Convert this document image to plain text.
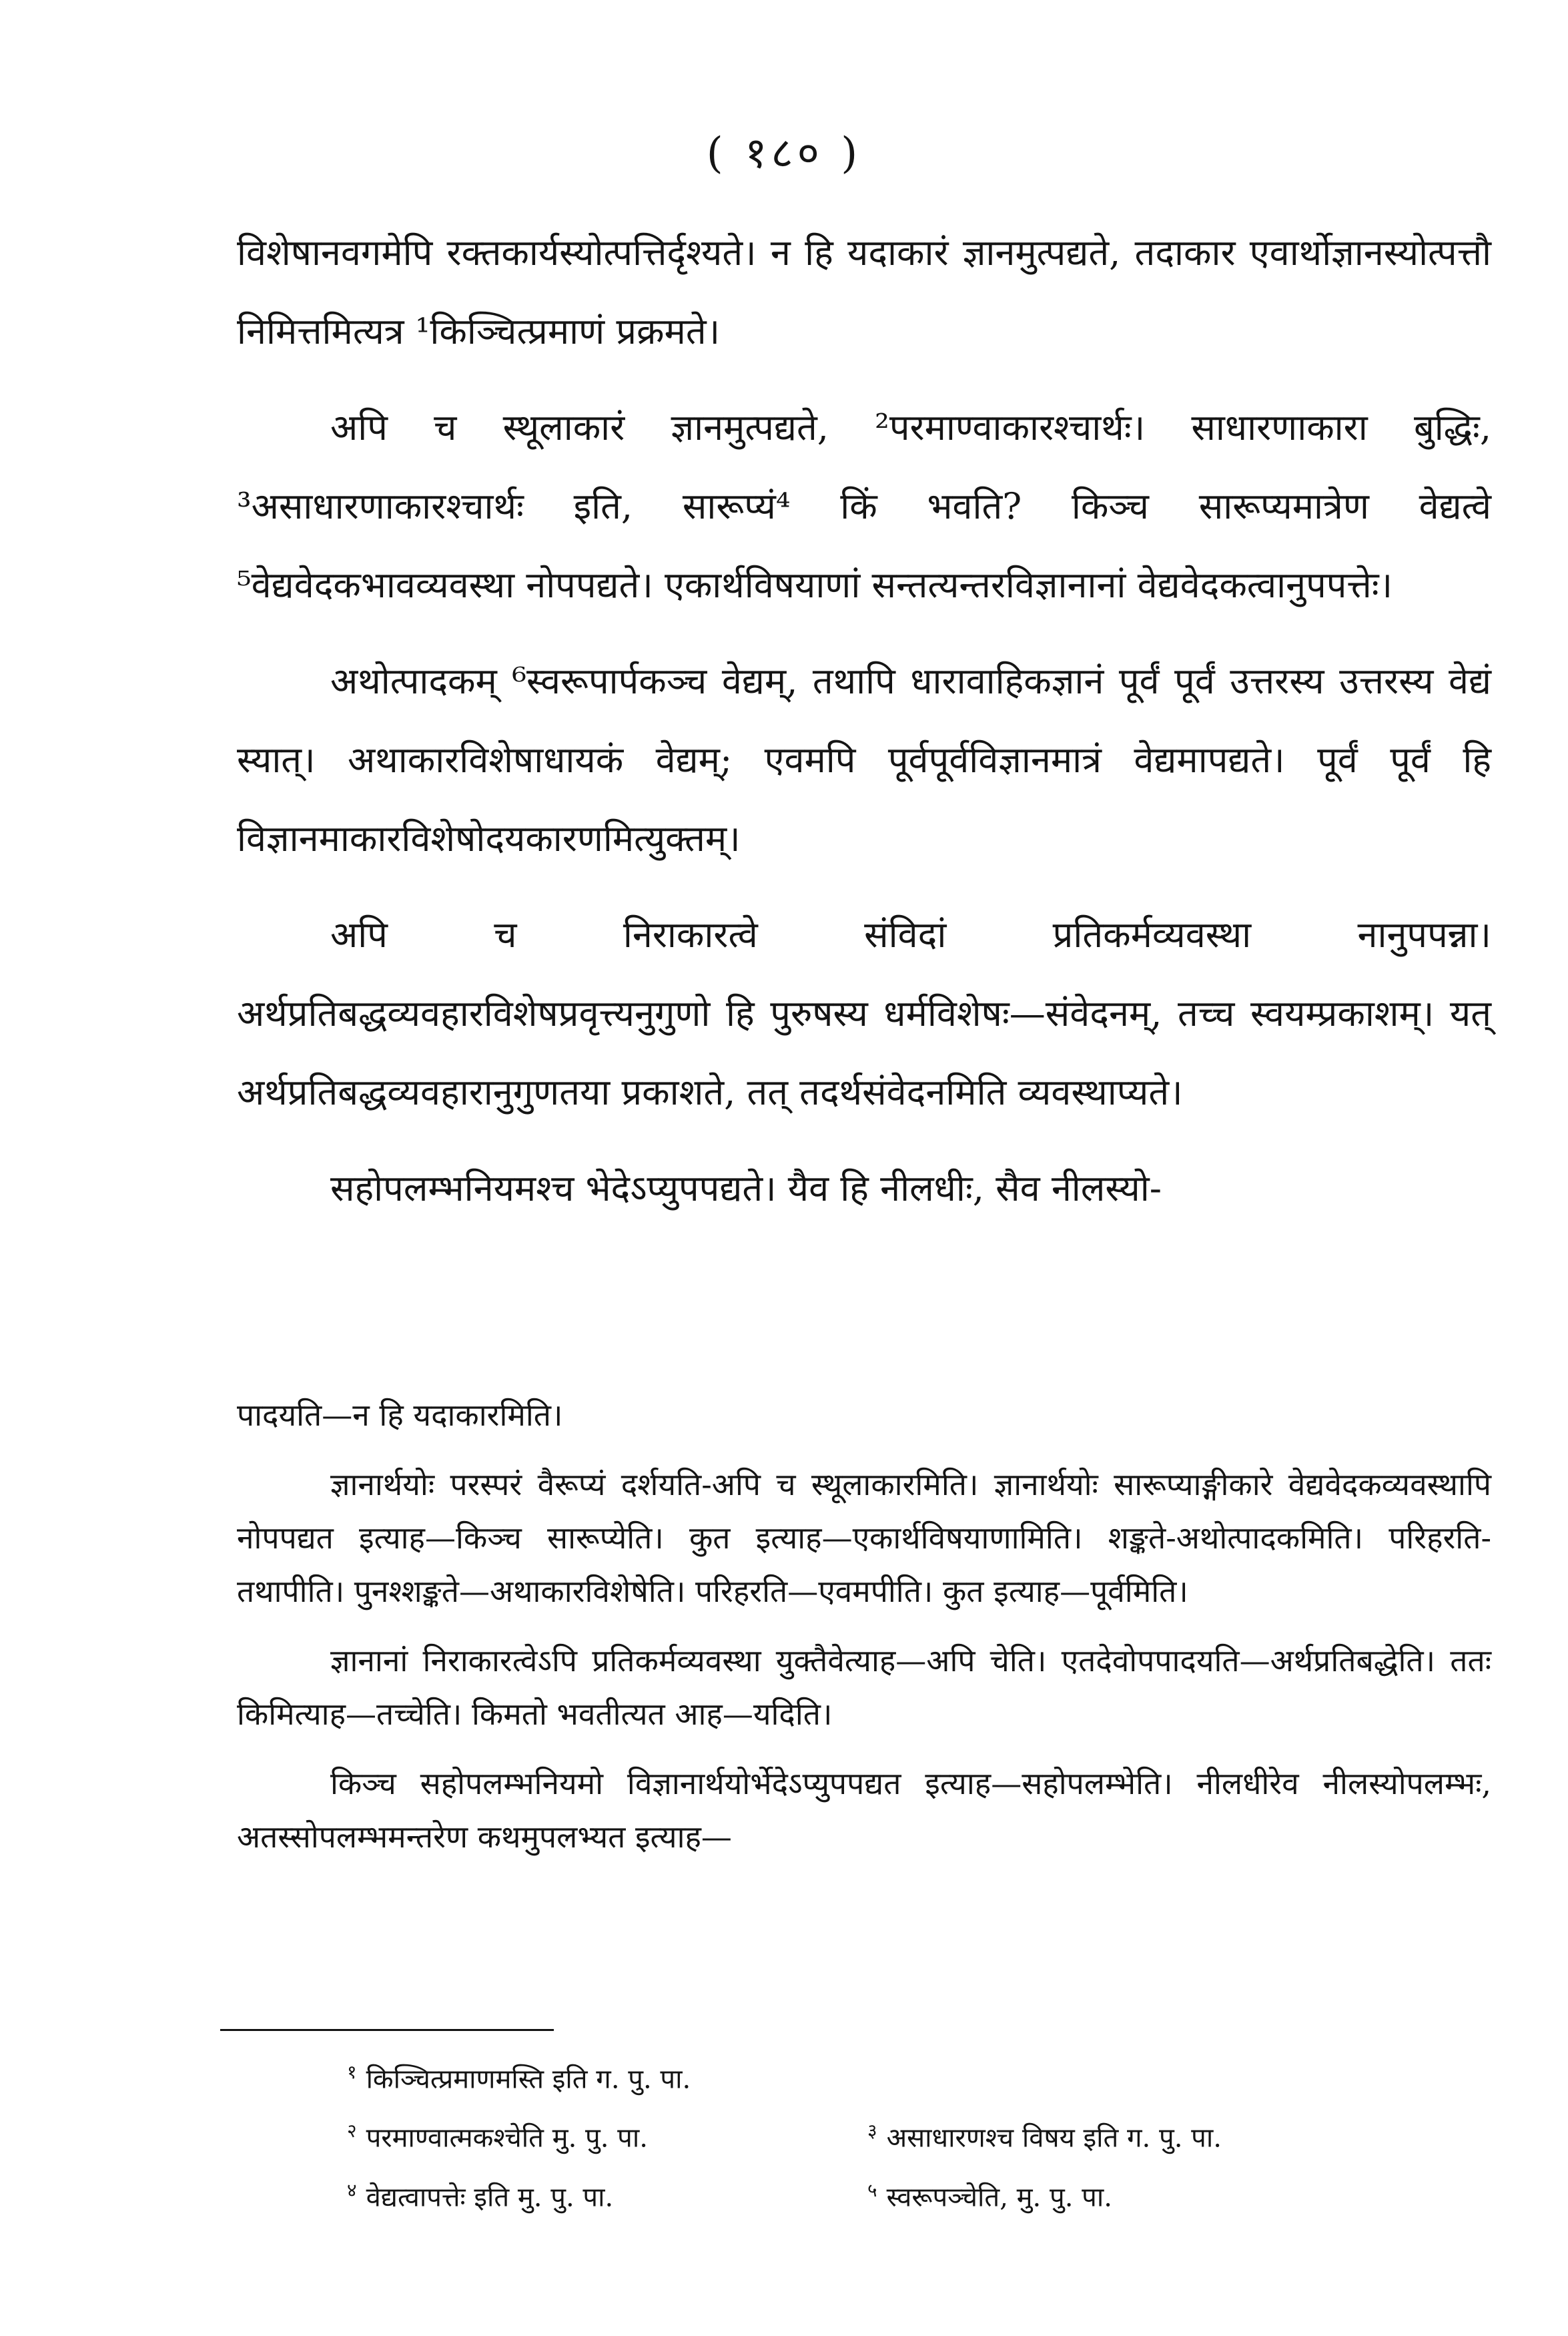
( १८० )

विशेषानवगमेपि रक्तकार्यस्योत्पत्तिर्दृश्यते। न हि यदाकारं ज्ञानमुत्पद्यते, तदाकार एवार्थोज्ञानस्योत्पत्तौ निमित्तमित्यत्र ¹किञ्चित्प्रमाणं प्रक्रमते।

अपि च स्थूलाकारं ज्ञानमुत्पद्यते, ²परमाण्वाकारश्चार्थः। साधारणाकारा बुद्धिः, ³असाधारणाकारश्चार्थः इति, सारूप्यं⁴ किं भवति? किञ्च सारूप्यमात्रेण वेद्यत्वे ⁵वेद्यवेदकभावव्यवस्था नोपपद्यते। एकार्थविषयाणां सन्तत्यन्तरविज्ञानानां वेद्यवेदकत्वानुपपत्तेः।

अथोत्पादकम् ⁶स्वरूपार्पकञ्च वेद्यम्, तथापि धारावाहिकज्ञानं पूर्वं पूर्वं उत्तरस्य उत्तरस्य वेद्यं स्यात्। अथाकारविशेषाधायकं वेद्यम्; एवमपि पूर्वपूर्वविज्ञानमात्रं वेद्यमापद्यते। पूर्वं पूर्वं हि विज्ञानमाकारविशेषोदयकारणमित्युक्तम्।

अपि च निराकारत्वे संविदां प्रतिकर्मव्यवस्था नानुपपन्ना। अर्थप्रतिबद्धव्यवहारविशेषप्रवृत्त्यनुगुणो हि पुरुषस्य धर्मविशेषः—संवेदनम्, तच्च स्वयम्प्रकाशम्। यत् अर्थप्रतिबद्धव्यवहारानुगुणतया प्रकाशते, तत् तदर्थसंवेदनमिति व्यवस्थाप्यते।

सहोपलम्भनियमश्च भेदेऽप्युपपद्यते। यैव हि नीलधीः, सैव नीलस्यो-

पादयति—न हि यदाकारमिति।

ज्ञानार्थयोः परस्परं वैरूप्यं दर्शयति-अपि च स्थूलाकारमिति। ज्ञानार्थयोः सारूप्याङ्गीकारे वेद्यवेदकव्यवस्थापि नोपपद्यत इत्याह—किञ्च सारूप्येति। कुत इत्याह—एकार्थविषयाणामिति। शङ्कते-अथोत्पादकमिति। परिहरति-तथापीति। पुनश्शङ्कते—अथाकारविशेषेति। परिहरति—एवमपीति। कुत इत्याह—पूर्वमिति।

ज्ञानानां निराकारत्वेऽपि प्रतिकर्मव्यवस्था युक्तैवेत्याह—अपि चेति। एतदेवोपपादयति—अर्थप्रतिबद्धेति। ततः किमित्याह—तच्चेति। किमतो भवतीत्यत आह—यदिति।

किञ्च सहोपलम्भनियमो विज्ञानार्थयोर्भेदेऽप्युपपद्यत इत्याह—सहोपलम्भेति। नीलधीरेव नीलस्योपलम्भः, अतस्सोपलम्भमन्तरेण कथमुपलभ्यत इत्याह—

$^१$ किञ्चित्प्रमाणमस्ति इति ग. पु. पा.
$^२$ परमाण्वात्मकश्चेति मु. पु. पा.	$^३$ असाधारणश्च विषय इति ग. पु. पा.
$^४$ वेद्यत्वापत्तेः इति मु. पु. पा.	$^५$ स्वरूपञ्चेति, मु. पु. पा.
